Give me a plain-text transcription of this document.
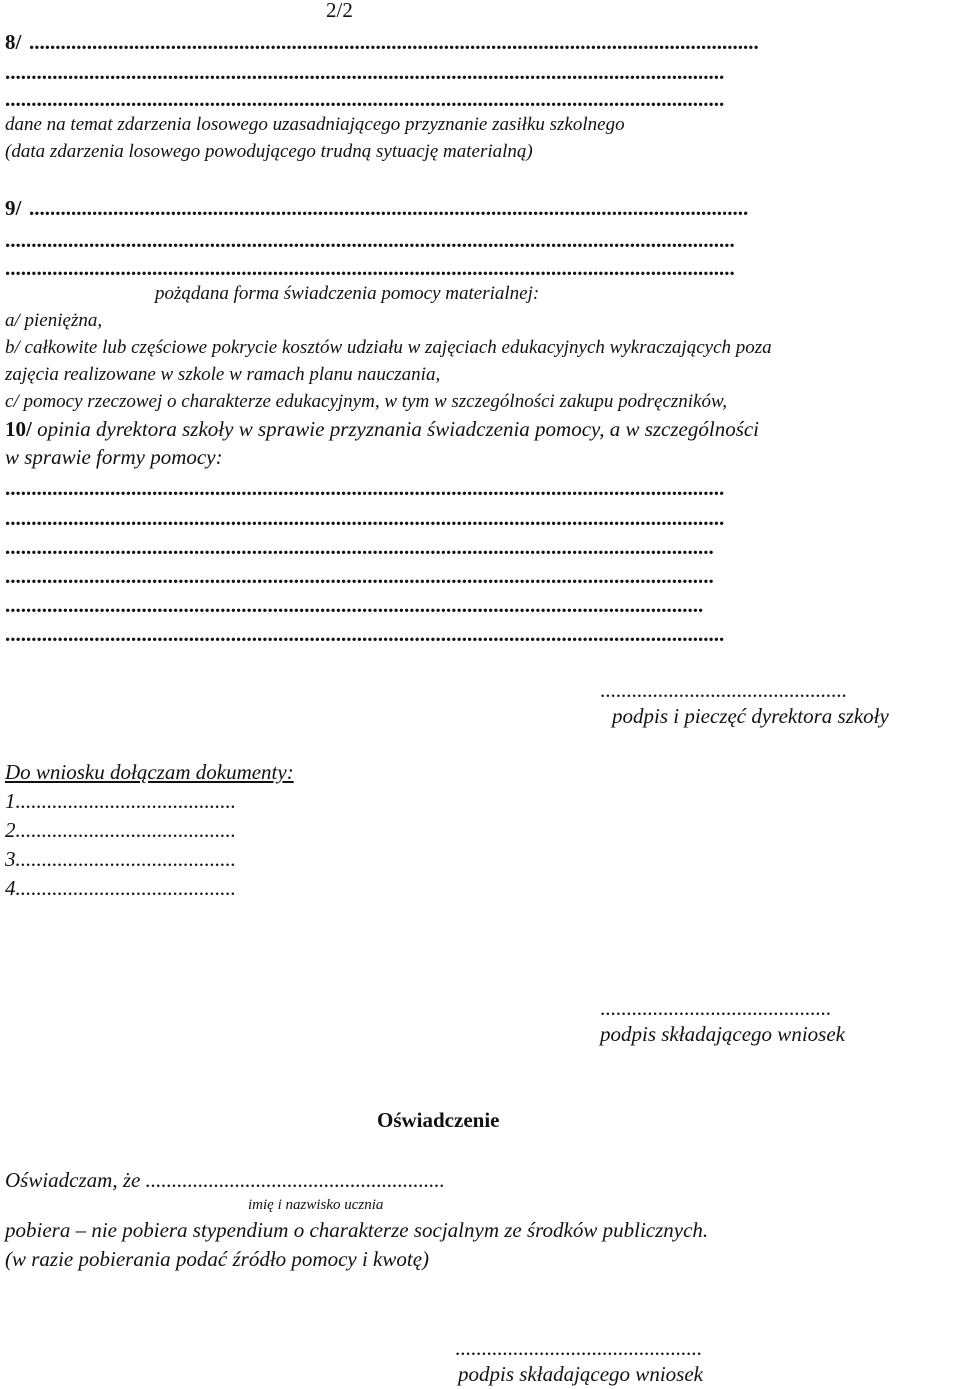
2/2
8/ ...........................................................................................................................................
.........................................................................................................................................
.........................................................................................................................................
dane na temat zdarzenia losowego uzasadniającego przyznanie zasiłku szkolnego
(data zdarzenia losowego powodującego trudną sytuację materialną)
9/ .........................................................................................................................................
...........................................................................................................................................
...........................................................................................................................................
pożądana forma świadczenia pomocy materialnej:
a/ pieniężna,
b/ całkowite lub częściowe pokrycie kosztów udziału w zajęciach edukacyjnych wykraczających poza
zajęcia realizowane w szkole w ramach planu nauczania,
c/ pomocy rzeczowej o charakterze edukacyjnym, w tym w szczególności zakupu podręczników,
10/ opinia dyrektora szkoły w sprawie przyznania świadczenia pomocy, a w szczególności
w sprawie formy pomocy:
.........................................................................................................................................
.........................................................................................................................................
.......................................................................................................................................
.......................................................................................................................................
.....................................................................................................................................
.........................................................................................................................................
...............................................
podpis i pieczęć dyrektora szkoły
Do wniosku dołączam dokumenty:
1..........................................
2..........................................
3..........................................
4..........................................
............................................
podpis składającego wniosek
Oświadczenie
Oświadczam, że .........................................................
imię i nazwisko ucznia
pobiera – nie pobiera stypendium o charakterze socjalnym ze środków publicznych.
(w razie pobierania podać źródło pomocy i kwotę)
...............................................
podpis składającego wniosek
